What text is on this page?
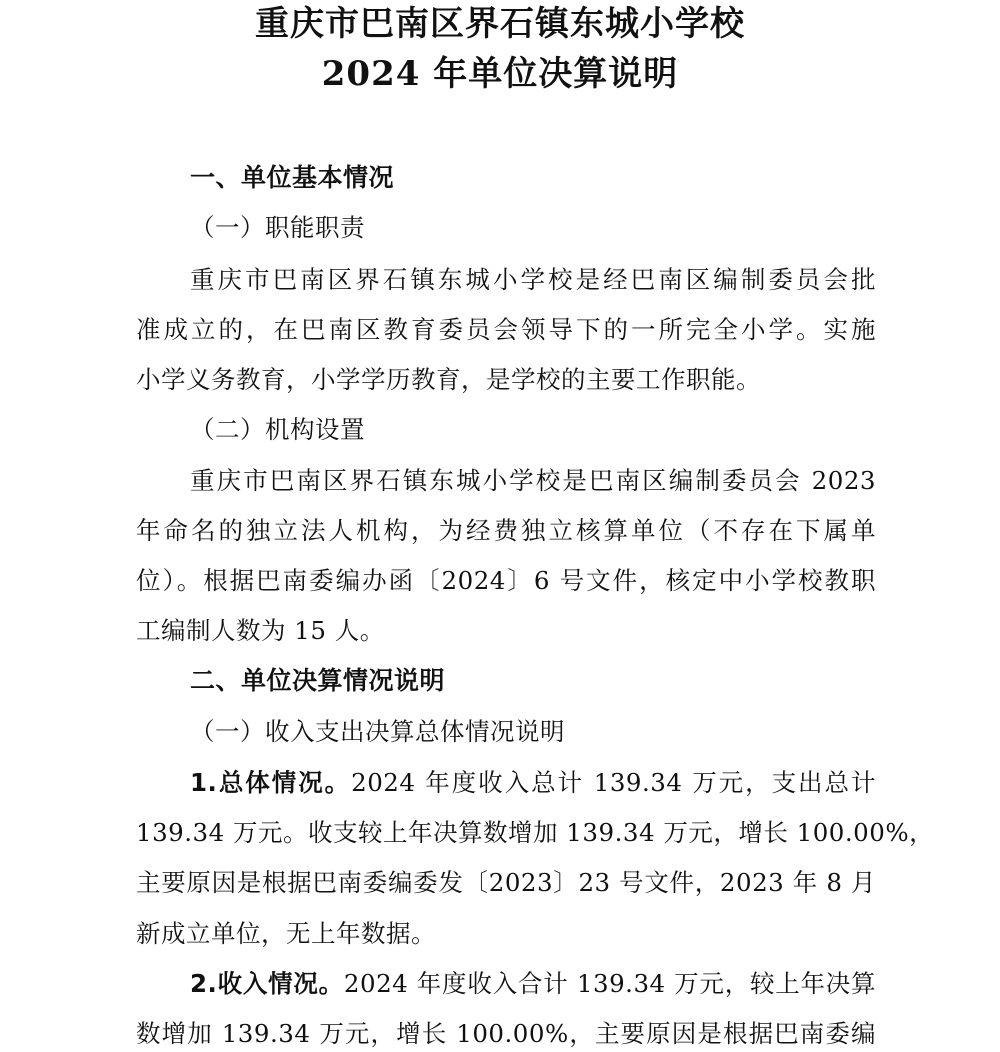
重庆市巴南区界石镇东城小学校
2024 年单位决算说明
一、单位基本情况
（一）职能职责
重庆市巴南区界石镇东城小学校是经巴南区编制委员会批
准成立的，在巴南区教育委员会领导下的一所完全小学。实施
小学义务教育，小学学历教育，是学校的主要工作职能。
（二）机构设置
重庆市巴南区界石镇东城小学校是巴南区编制委员会 2023
年命名的独立法人机构，为经费独立核算单位（不存在下属单
位）。根据巴南委编办函〔2024〕6 号文件，核定中小学校教职
工编制人数为 15 人。
二、单位决算情况说明
（一）收入支出决算总体情况说明
1.总体情况。2024 年度收入总计 139.34 万元，支出总计
139.34 万元。收支较上年决算数增加 139.34 万元，增长 100.00%，
主要原因是根据巴南委编委发〔2023〕23 号文件，2023 年 8 月
新成立单位，无上年数据。
2.收入情况。2024 年度收入合计 139.34 万元，较上年决算
数增加 139.34 万元，增长 100.00%，主要原因是根据巴南委编
